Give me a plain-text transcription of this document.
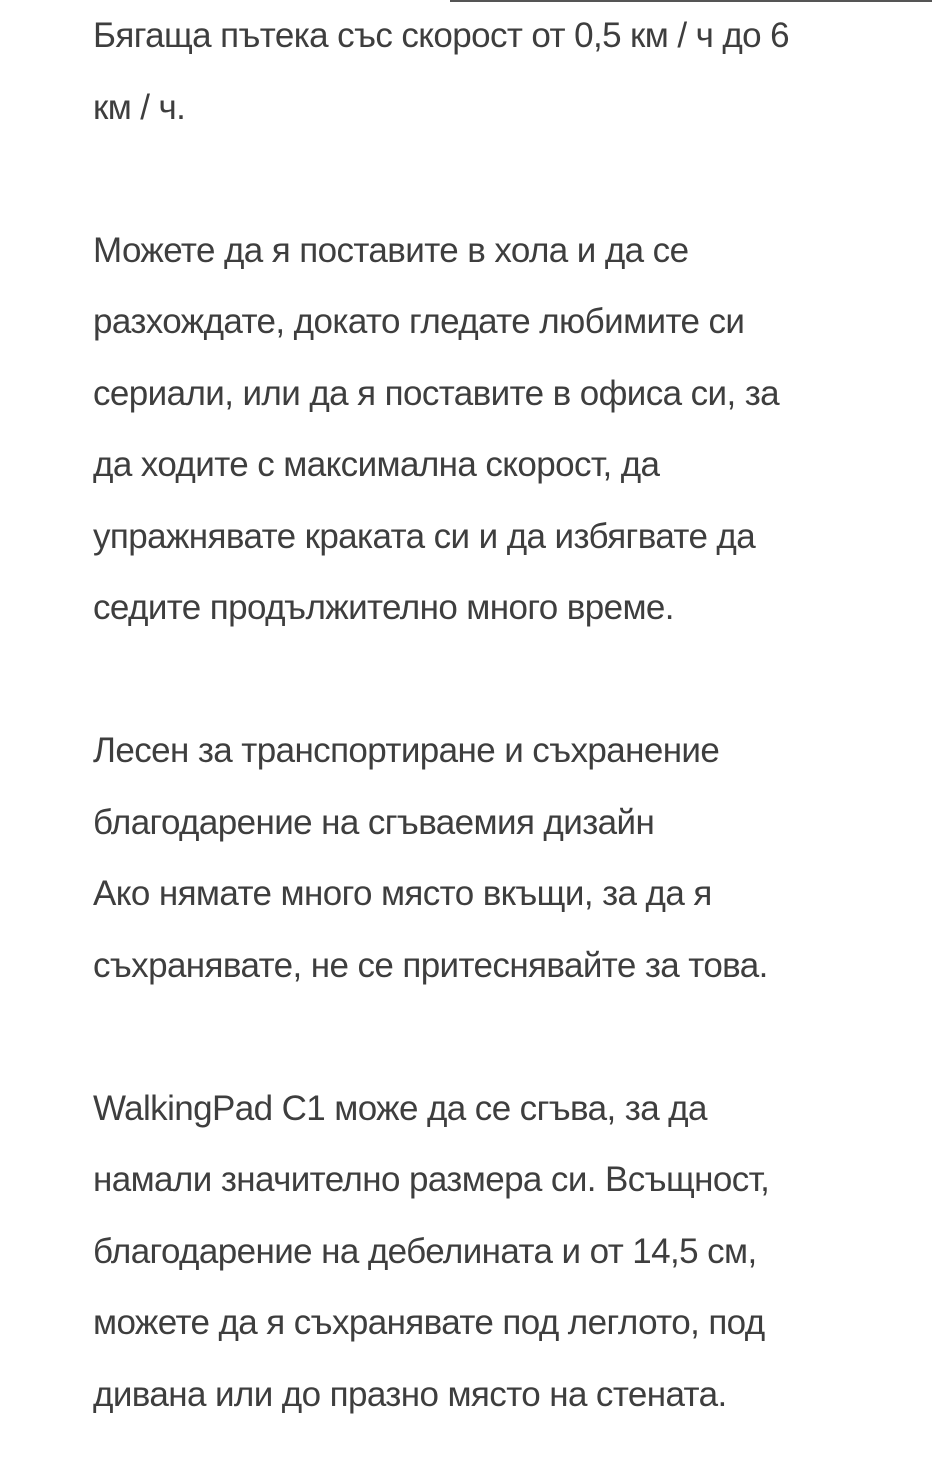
Бягаща пътека със скорост от 0,5 км / ч до 6
км / ч.
Можете да я поставите в хола и да се
разхождате, докато гледате любимите си
сериали, или да я поставите в офиса си, за
да ходите с максимална скорост, да
упражнявате краката си и да избягвате да
седите продължително много време.
Лесен за транспортиране и съхранение
благодарение на сгъваемия дизайн
Ако нямате много място вкъщи, за да я
съхранявате, не се притеснявайте за това.
WalkingPad C1 може да се сгъва, за да
намали значително размера си. Всъщност,
благодарение на дебелината и от 14,5 см,
можете да я съхранявате под леглото, под
дивана или до празно място на стената.
